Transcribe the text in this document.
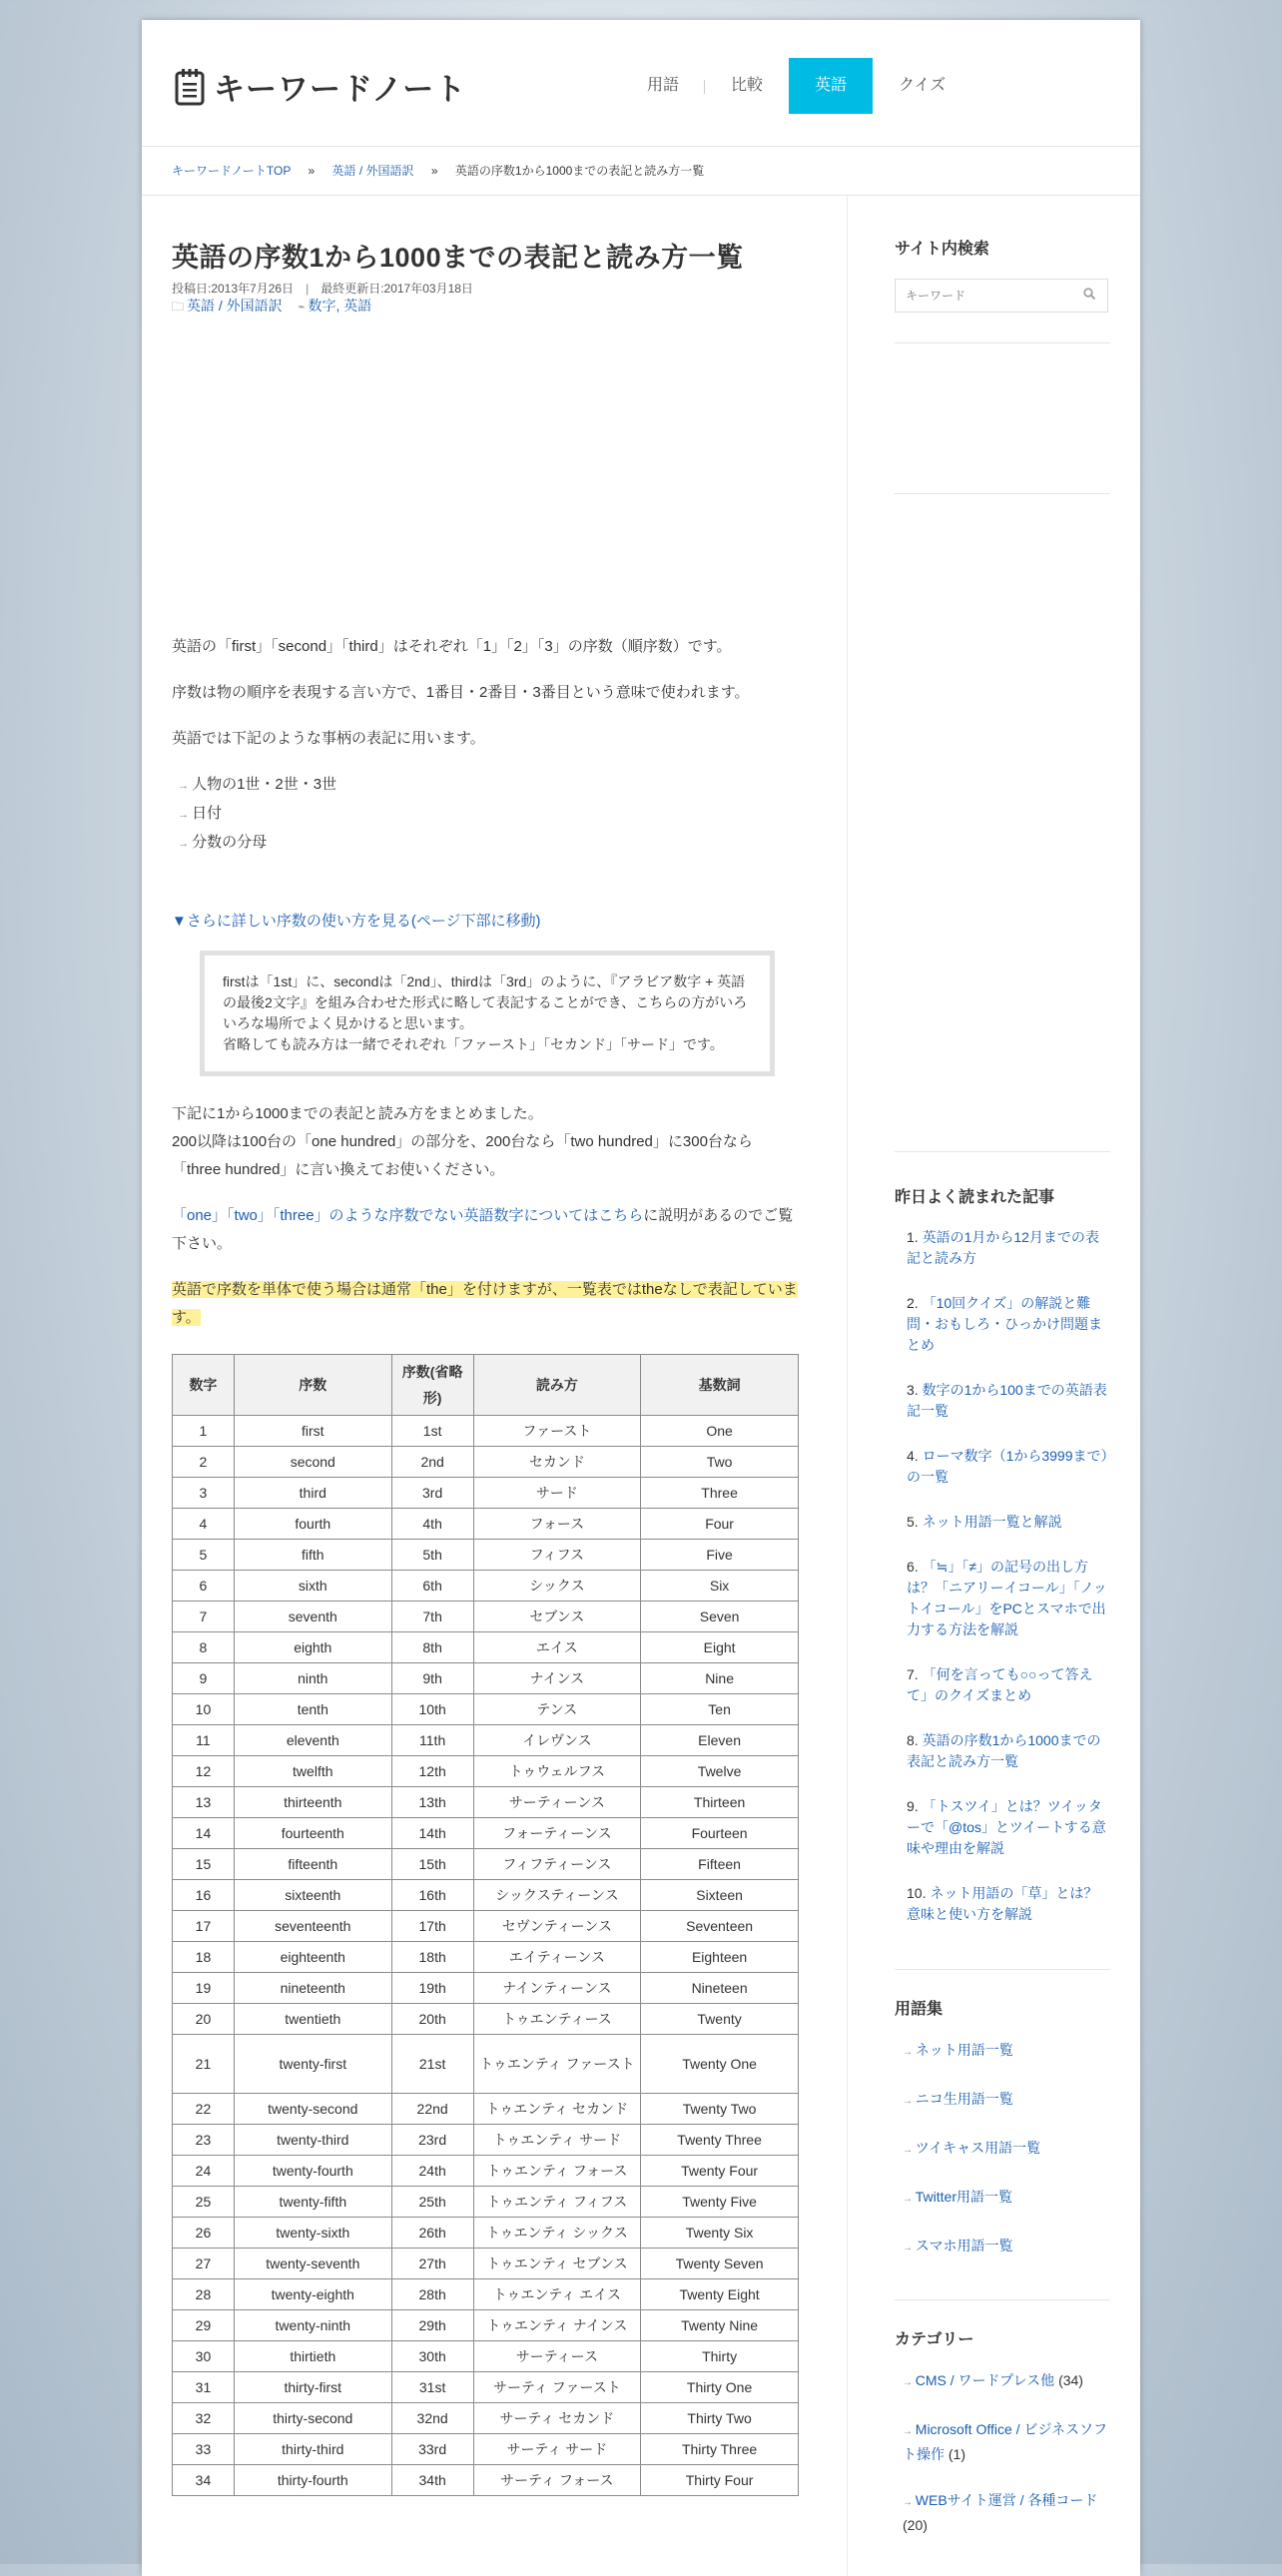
キーワードノート	用語	比較	英語	クイズ
キーワードノートTOP » 英語 / 外国語訳 » 英語の序数1から1000までの表記と読み方一覧
英語の序数1から1000までの表記と読み方一覧
投稿日:2013年7月26日 | 最終更新日:2017年03月18日
🗀 英語 / 外国語訳 ⌁ 数字, 英語

英語の「first」「second」「third」はそれぞれ「1」「2」「3」の序数（順序数）です。

序数は物の順序を表現する言い方で、1番目・2番目・3番目という意味で使われます。

英語では下記のような事柄の表記に用います。

→ 人物の1世・2世・3世
→ 日付
→ 分数の分母
▼さらに詳しい序数の使い方を見る(ページ下部に移動)
firstは「1st」に、secondは「2nd」、thirdは「3rd」のように、『アラビア数字 + 英語の最後2文字』を組み合わせた形式に略して表記することができ、こちらの方がいろいろな場所でよく見かけると思います。
省略しても読み方は一緒でそれぞれ「ファースト」「セカンド」「サード」です。

下記に1から1000までの表記と読み方をまとめました。
200以降は100台の「one hundred」の部分を、200台なら「two hundred」に300台なら「three hundred」に言い換えてお使いください。

「one」「two」「three」のような序数でない英語数字についてはこちらに説明があるのでご覧下さい。

英語で序数を単体で使う場合は通常「the」を付けますが、一覧表ではtheなしで表記しています。

数字	序数	序数(省略形)	読み方	基数詞
1	first	1st	ファースト	One
2	second	2nd	セカンド	Two
3	third	3rd	サード	Three
4	fourth	4th	フォース	Four
5	fifth	5th	フィフス	Five
6	sixth	6th	シックス	Six
7	seventh	7th	セブンス	Seven
8	eighth	8th	エイス	Eight
9	ninth	9th	ナインス	Nine
10	tenth	10th	テンス	Ten
11	eleventh	11th	イレヴンス	Eleven
12	twelfth	12th	トゥウェルフス	Twelve
13	thirteenth	13th	サーティーンス	Thirteen
14	fourteenth	14th	フォーティーンス	Fourteen
15	fifteenth	15th	フィフティーンス	Fifteen
16	sixteenth	16th	シックスティーンス	Sixteen
17	seventeenth	17th	セヴンティーンス	Seventeen
18	eighteenth	18th	エイティーンス	Eighteen
19	nineteenth	19th	ナインティーンス	Nineteen
20	twentieth	20th	トゥエンティース	Twenty
21	twenty-first	21st	トゥエンティ ファースト	Twenty One
22	twenty-second	22nd	トゥエンティ セカンド	Twenty Two
23	twenty-third	23rd	トゥエンティ サード	Twenty Three
24	twenty-fourth	24th	トゥエンティ フォース	Twenty Four
25	twenty-fifth	25th	トゥエンティ フィフス	Twenty Five
26	twenty-sixth	26th	トゥエンティ シックス	Twenty Six
27	twenty-seventh	27th	トゥエンティ セブンス	Twenty Seven
28	twenty-eighth	28th	トゥエンティ エイス	Twenty Eight
29	twenty-ninth	29th	トゥエンティ ナインス	Twenty Nine
30	thirtieth	30th	サーティース	Thirty
31	thirty-first	31st	サーティ ファースト	Thirty One
32	thirty-second	32nd	サーティ セカンド	Thirty Two
33	thirty-third	33rd	サーティ サード	Thirty Three
34	thirty-fourth	34th	サーティ フォース	Thirty Four
サイト内検索
キーワード
昨日よく読まれた記事
1. 英語の1月から12月までの表記と読み方
2. 「10回クイズ」の解説と難問・おもしろ・ひっかけ問題まとめ
3. 数字の1から100までの英語表記一覧
4. ローマ数字（1から3999まで）の一覧
5. ネット用語一覧と解説
6. 「≒」「≠」の記号の出し方は？「ニアリーイコール」「ノットイコール」をPCとスマホで出力する方法を解説
7. 「何を言っても○○って答えて」のクイズまとめ
8. 英語の序数1から1000までの表記と読み方一覧
9. 「トスツイ」とは？ツイッターで「@tos」とツイートする意味や理由を解説
10. ネット用語の「草」とは？意味と使い方を解説
用語集
→ ネット用語一覧
→ ニコ生用語一覧
→ ツイキャス用語一覧
→ Twitter用語一覧
→ スマホ用語一覧
カテゴリー
→ CMS / ワードプレス他 (34)
→ Microsoft Office / ビジネスソフト操作 (1)
→ WEBサイト運営 / 各種コード (20)
